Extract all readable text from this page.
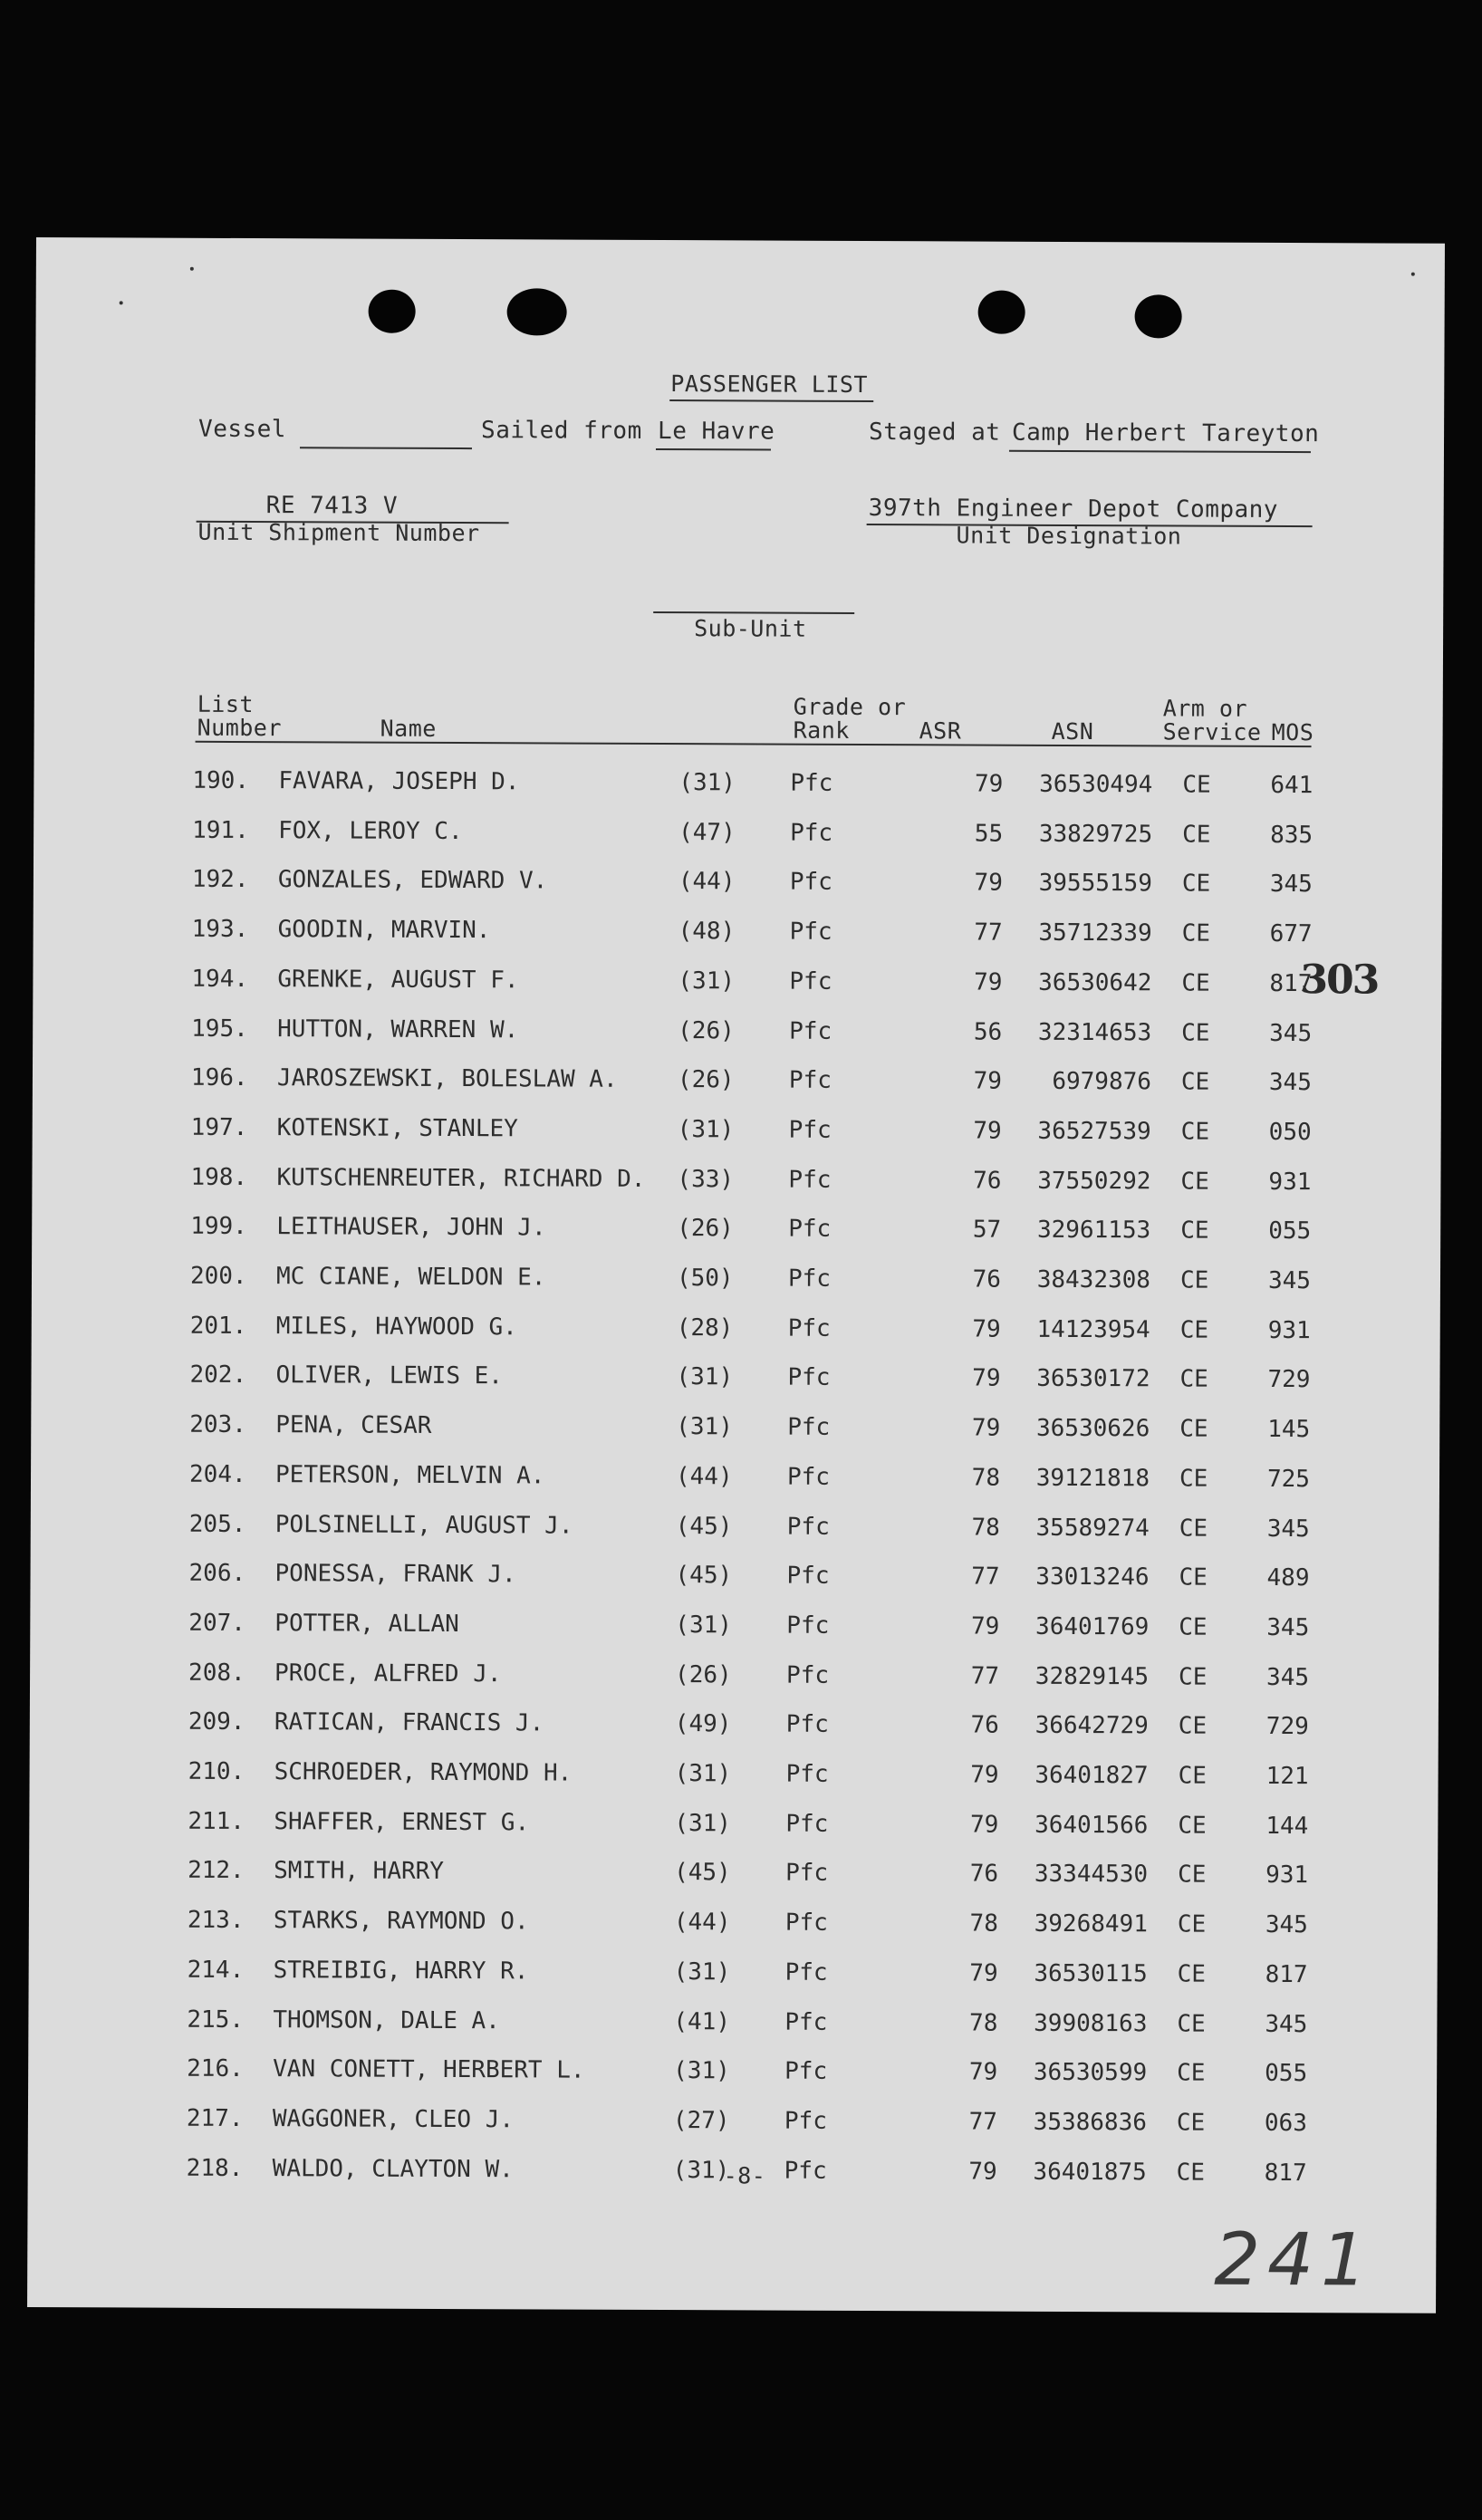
PASSENGER LIST
Vessel	Sailed from Le Havre	Staged at Camp Herbert Tareyton
RE 7413 V
Unit Shipment Number
397th Engineer Depot Company
Unit Designation
Sub-Unit
List
Number	Name
Grade or
Rank	ASR	ASN
Arm or
Service MOS
190. FAVARA, JOSEPH D.	(31) Pfc	79	36530494 CE	641
191. FOX, LEROY C.	(47) Pfc	55	33829725 CE	835
192. GONZALES, EDWARD V.	(44) Pfc	79	39555159 CE	345
193. GOODIN, MARVIN.	(48) Pfc	77	35712339 CE	677
194. GRENKE, AUGUST F.	(31) Pfc	79	36530642 CE	817
195. HUTTON, WARREN W.	(26) Pfc	56	32314653 CE	345
196. JAROSZEWSKI, BOLESLAW A.	(26) Pfc	79	6979876 CE	345
197. KOTENSKI, STANLEY	(31) Pfc	79	36527539 CE	050
198. KUTSCHENREUTER, RICHARD D. (33) Pfc	76	37550292 CE	931
199. LEITHAUSER, JOHN J.	(26) Pfc	57	32961153 CE	055
200. MC CIANE, WELDON E.	(50) Pfc	76	38432308 CE	345
201. MILES, HAYWOOD G.	(28) Pfc	79	14123954 CE	931
202. OLIVER, LEWIS E.	(31) Pfc	79	36530172 CE	729
203. PENA, CESAR	(31) Pfc	79	36530626 CE	145
204. PETERSON, MELVIN A.	(44) Pfc	78	39121818 CE	725
205. POLSINELLI, AUGUST J.	(45) Pfc	78	35589274 CE	345
206. PONESSA, FRANK J.	(45) Pfc	77	33013246 CE	489
207. POTTER, ALLAN	(31) Pfc	79	36401769 CE	345
208. PROCE, ALFRED J.	(26) Pfc	77	32829145 CE	345
209. RATICAN, FRANCIS J.	(49) Pfc	76	36642729 CE	729
210. SCHROEDER, RAYMOND H.	(31) Pfc	79	36401827 CE	121
211. SHAFFER, ERNEST G.	(31) Pfc	79	36401566 CE	144
212. SMITH, HARRY	(45) Pfc	76	33344530 CE	931
213. STARKS, RAYMOND O.	(44) Pfc	78	39268491 CE	345
214. STREIBIG, HARRY R.	(31) Pfc	79	36530115 CE	817
215. THOMSON, DALE A.	(41) Pfc	78	39908163 CE	345
216. VAN CONETT, HERBERT L.	(31) Pfc	79	36530599 CE	055
217. WAGGONER, CLEO J.	(27) Pfc	77	35386836 CE	063
218. WALDO, CLAYTON W.	(31) Pfc	79	36401875 CE	817
303
-8-
241
